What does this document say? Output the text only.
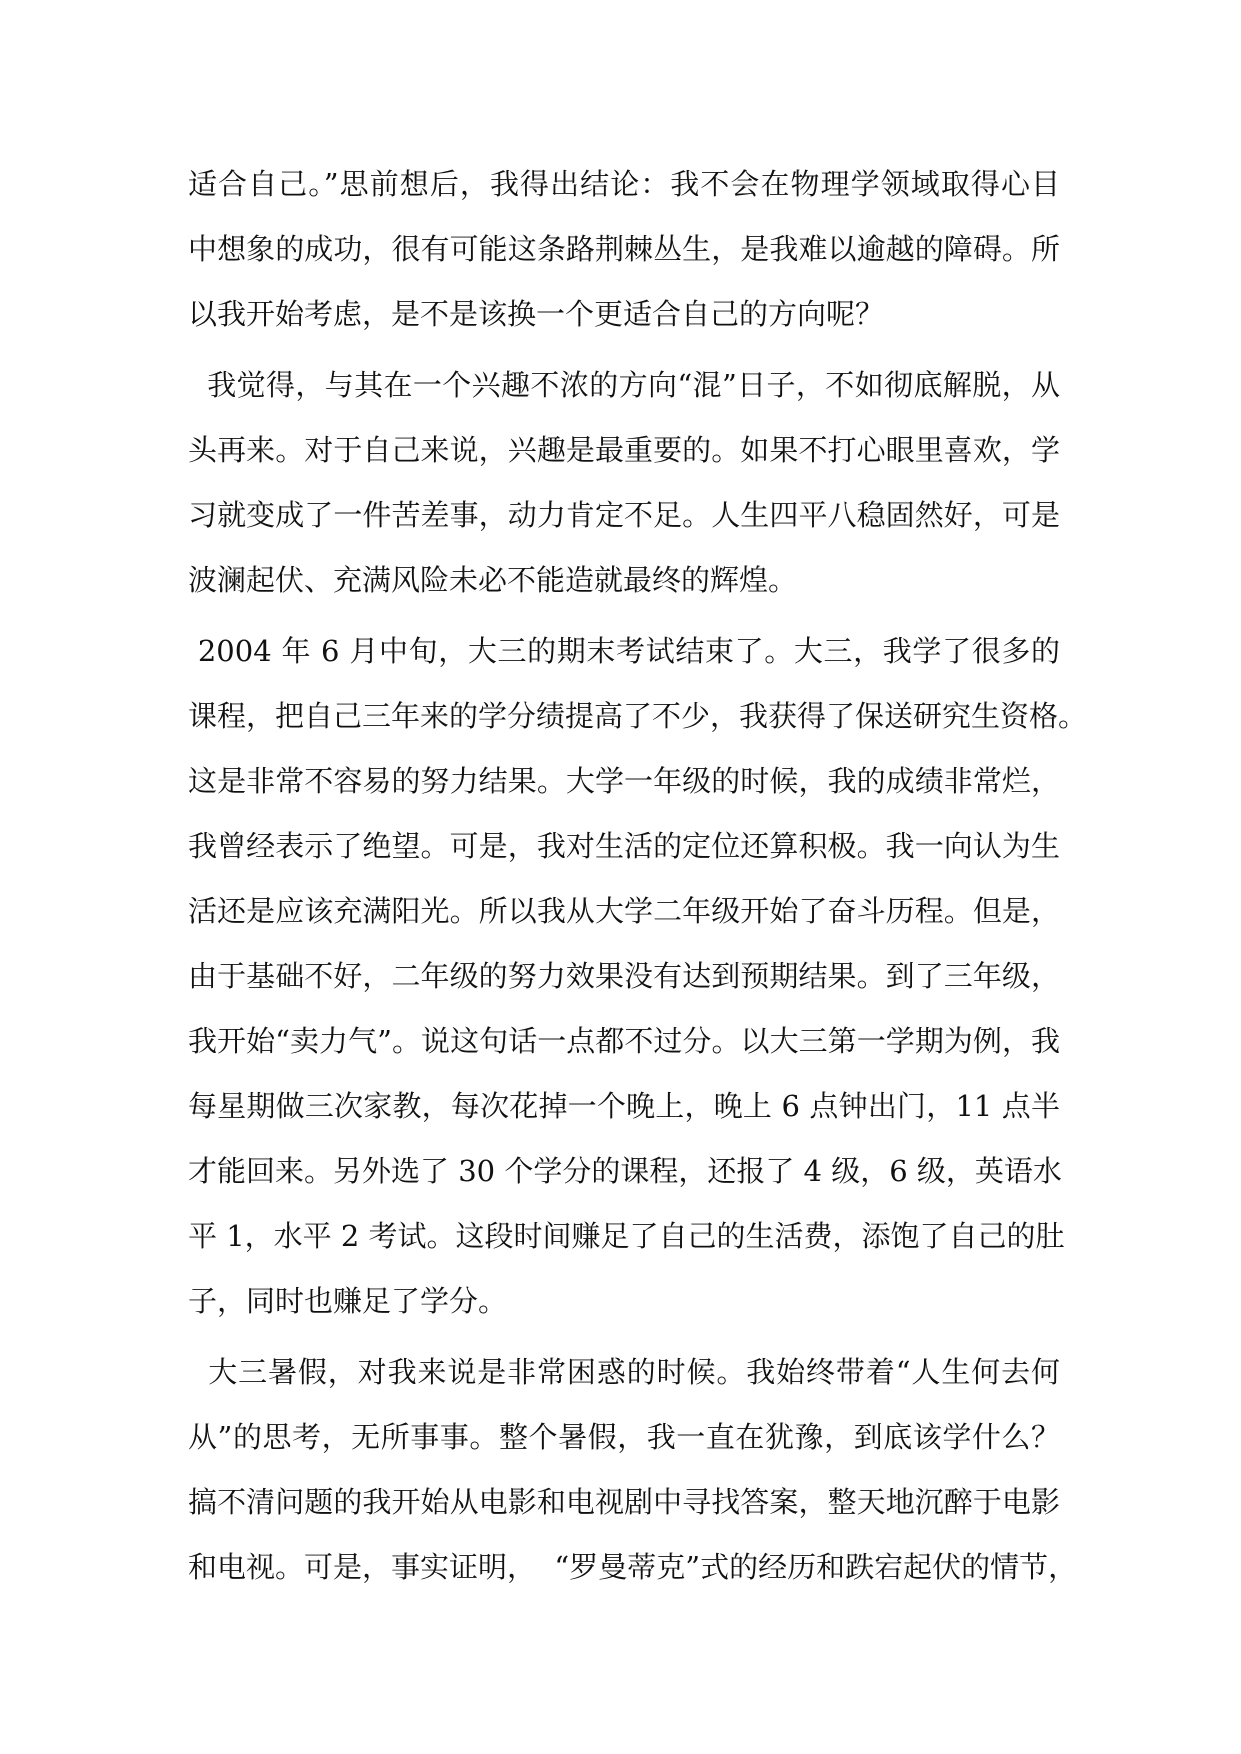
适合自己。”思前想后，我得出结论：我不会在物理学领域取得心目
中想象的成功，很有可能这条路荆棘丛生，是我难以逾越的障碍。所
以我开始考虑，是不是该换一个更适合自己的方向呢？
我觉得，与其在一个兴趣不浓的方向“混”日子，不如彻底解脱，从
头再来。对于自己来说，兴趣是最重要的。如果不打心眼里喜欢，学
习就变成了一件苦差事，动力肯定不足。人生四平八稳固然好，可是
波澜起伏、充满风险未必不能造就最终的辉煌。
2004 年 6 月中旬，大三的期末考试结束了。大三，我学了很多的
课程，把自己三年来的学分绩提高了不少，我获得了保送研究生资格。
这是非常不容易的努力结果。大学一年级的时候，我的成绩非常烂，
我曾经表示了绝望。可是，我对生活的定位还算积极。我一向认为生
活还是应该充满阳光。所以我从大学二年级开始了奋斗历程。但是，
由于基础不好，二年级的努力效果没有达到预期结果。到了三年级，
我开始“卖力气”。说这句话一点都不过分。以大三第一学期为例，我
每星期做三次家教，每次花掉一个晚上，晚上 6 点钟出门，11 点半
才能回来。另外选了 30 个学分的课程，还报了 4 级，6 级，英语水
平 1，水平 2 考试。这段时间赚足了自己的生活费，添饱了自己的肚
子，同时也赚足了学分。
大三暑假，对我来说是非常困惑的时候。我始终带着“人生何去何
从”的思考，无所事事。整个暑假，我一直在犹豫，到底该学什么？
搞不清问题的我开始从电影和电视剧中寻找答案，整天地沉醉于电影
和电视。可是，事实证明，  “罗曼蒂克”式的经历和跌宕起伏的情节，
